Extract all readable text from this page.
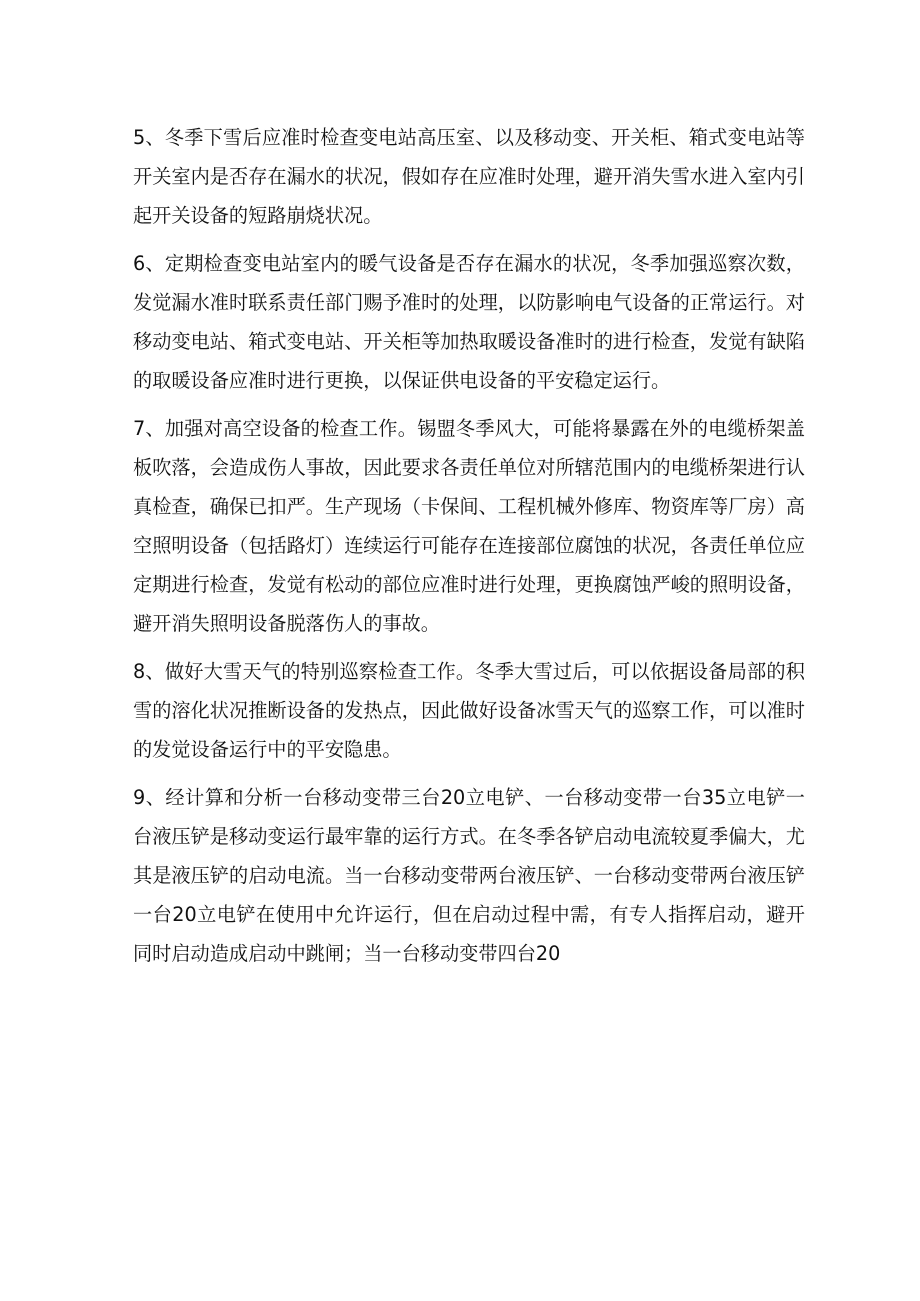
5、冬季下雪后应准时检查变电站高压室、以及移动变、开关柜、箱式变电站等开关室内是否存在漏水的状况，假如存在应准时处理，避开消失雪水进入室内引起开关设备的短路崩烧状况。

6、定期检查变电站室内的暖气设备是否存在漏水的状况，冬季加强巡察次数，发觉漏水准时联系责任部门赐予准时的处理，以防影响电气设备的正常运行。对移动变电站、箱式变电站、开关柜等加热取暖设备准时的进行检查，发觉有缺陷的取暖设备应准时进行更换，以保证供电设备的平安稳定运行。

7、加强对高空设备的检查工作。锡盟冬季风大，可能将暴露在外的电缆桥架盖板吹落，会造成伤人事故，因此要求各责任单位对所辖范围内的电缆桥架进行认真检查，确保已扣严。生产现场（卡保间、工程机械外修库、物资库等厂房）高空照明设备（包括路灯）连续运行可能存在连接部位腐蚀的状况，各责任单位应定期进行检查，发觉有松动的部位应准时进行处理，更换腐蚀严峻的照明设备，避开消失照明设备脱落伤人的事故。

8、做好大雪天气的特别巡察检查工作。冬季大雪过后，可以依据设备局部的积雪的溶化状况推断设备的发热点，因此做好设备冰雪天气的巡察工作，可以准时的发觉设备运行中的平安隐患。

9、经计算和分析一台移动变带三台20立电铲、一台移动变带一台35立电铲一台液压铲是移动变运行最牢靠的运行方式。在冬季各铲启动电流较夏季偏大，尤其是液压铲的启动电流。当一台移动变带两台液压铲、一台移动变带两台液压铲一台20立电铲在使用中允许运行，但在启动过程中需，有专人指挥启动，避开同时启动造成启动中跳闸；当一台移动变带四台20
